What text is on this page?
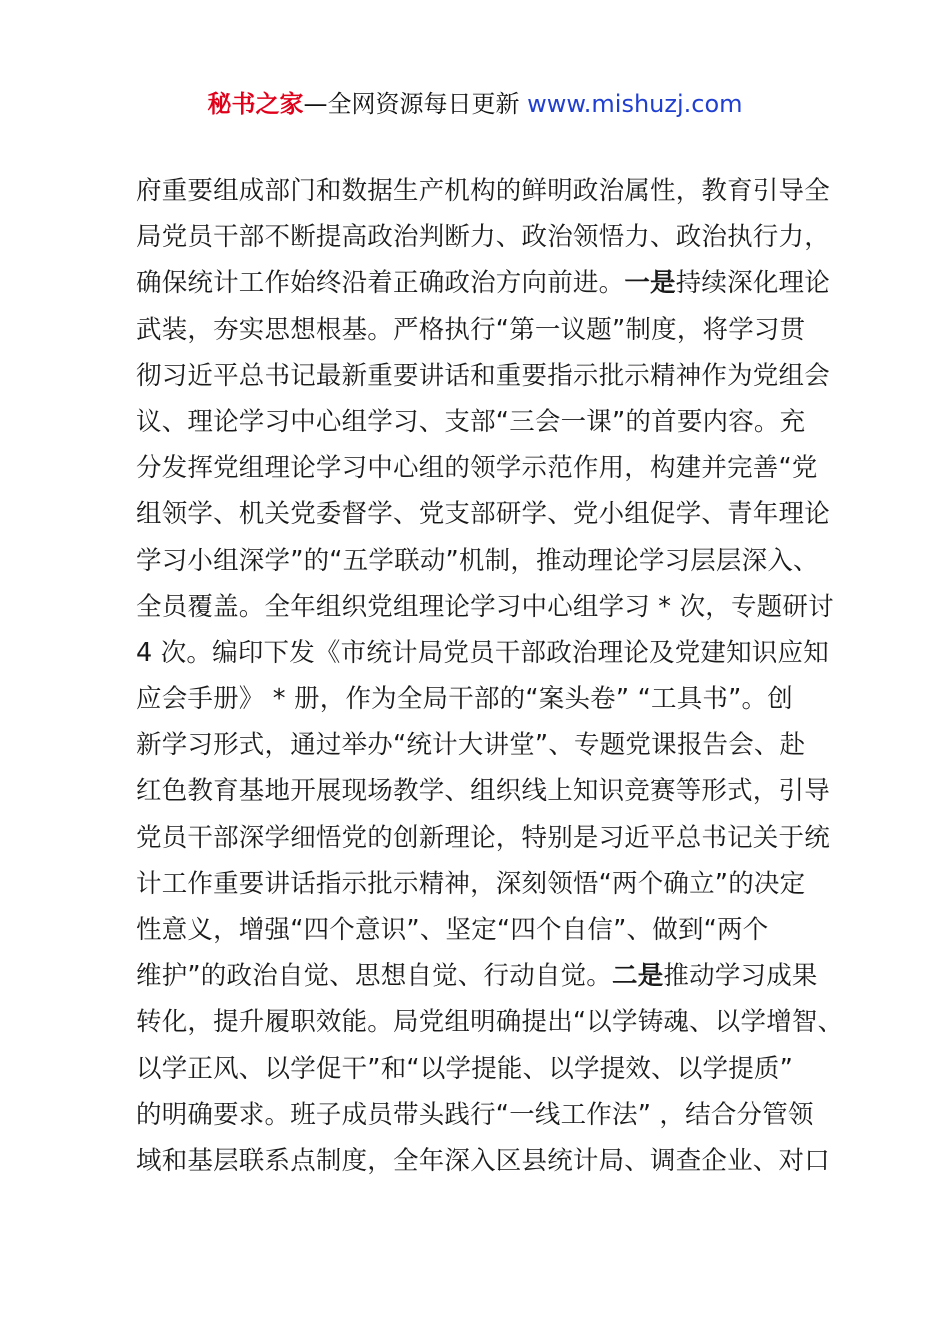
秘书之家—全网资源每日更新 www.mishuzj.com
府重要组成部门和数据生产机构的鲜明政治属性，教育引导全
局党员干部不断提高政治判断力、政治领悟力、政治执行力，
确保统计工作始终沿着正确政治方向前进。一是持续深化理论
武装，夯实思想根基。严格执行“第一议题”制度，将学习贯
彻习近平总书记最新重要讲话和重要指示批示精神作为党组会
议、理论学习中心组学习、支部“三会一课”的首要内容。充
分发挥党组理论学习中心组的领学示范作用，构建并完善“党
组领学、机关党委督学、党支部研学、党小组促学、青年理论
学习小组深学”的“五学联动”机制，推动理论学习层层深入、
全员覆盖。全年组织党组理论学习中心组学习 * 次，专题研讨
4 次。编印下发《市统计局党员干部政治理论及党建知识应知
应会手册》 * 册，作为全局干部的“案头卷” “工具书”。创
新学习形式，通过举办“统计大讲堂”、专题党课报告会、赴
红色教育基地开展现场教学、组织线上知识竞赛等形式，引导
党员干部深学细悟党的创新理论，特别是习近平总书记关于统
计工作重要讲话指示批示精神，深刻领悟“两个确立”的决定
性意义，增强“四个意识”、坚定“四个自信”、做到“两个
维护”的政治自觉、思想自觉、行动自觉。二是推动学习成果
转化，提升履职效能。局党组明确提出“以学铸魂、以学增智、
以学正风、以学促干”和“以学提能、以学提效、以学提质”
的明确要求。班子成员带头践行“一线工作法” ，结合分管领
域和基层联系点制度，全年深入区县统计局、调查企业、对口
